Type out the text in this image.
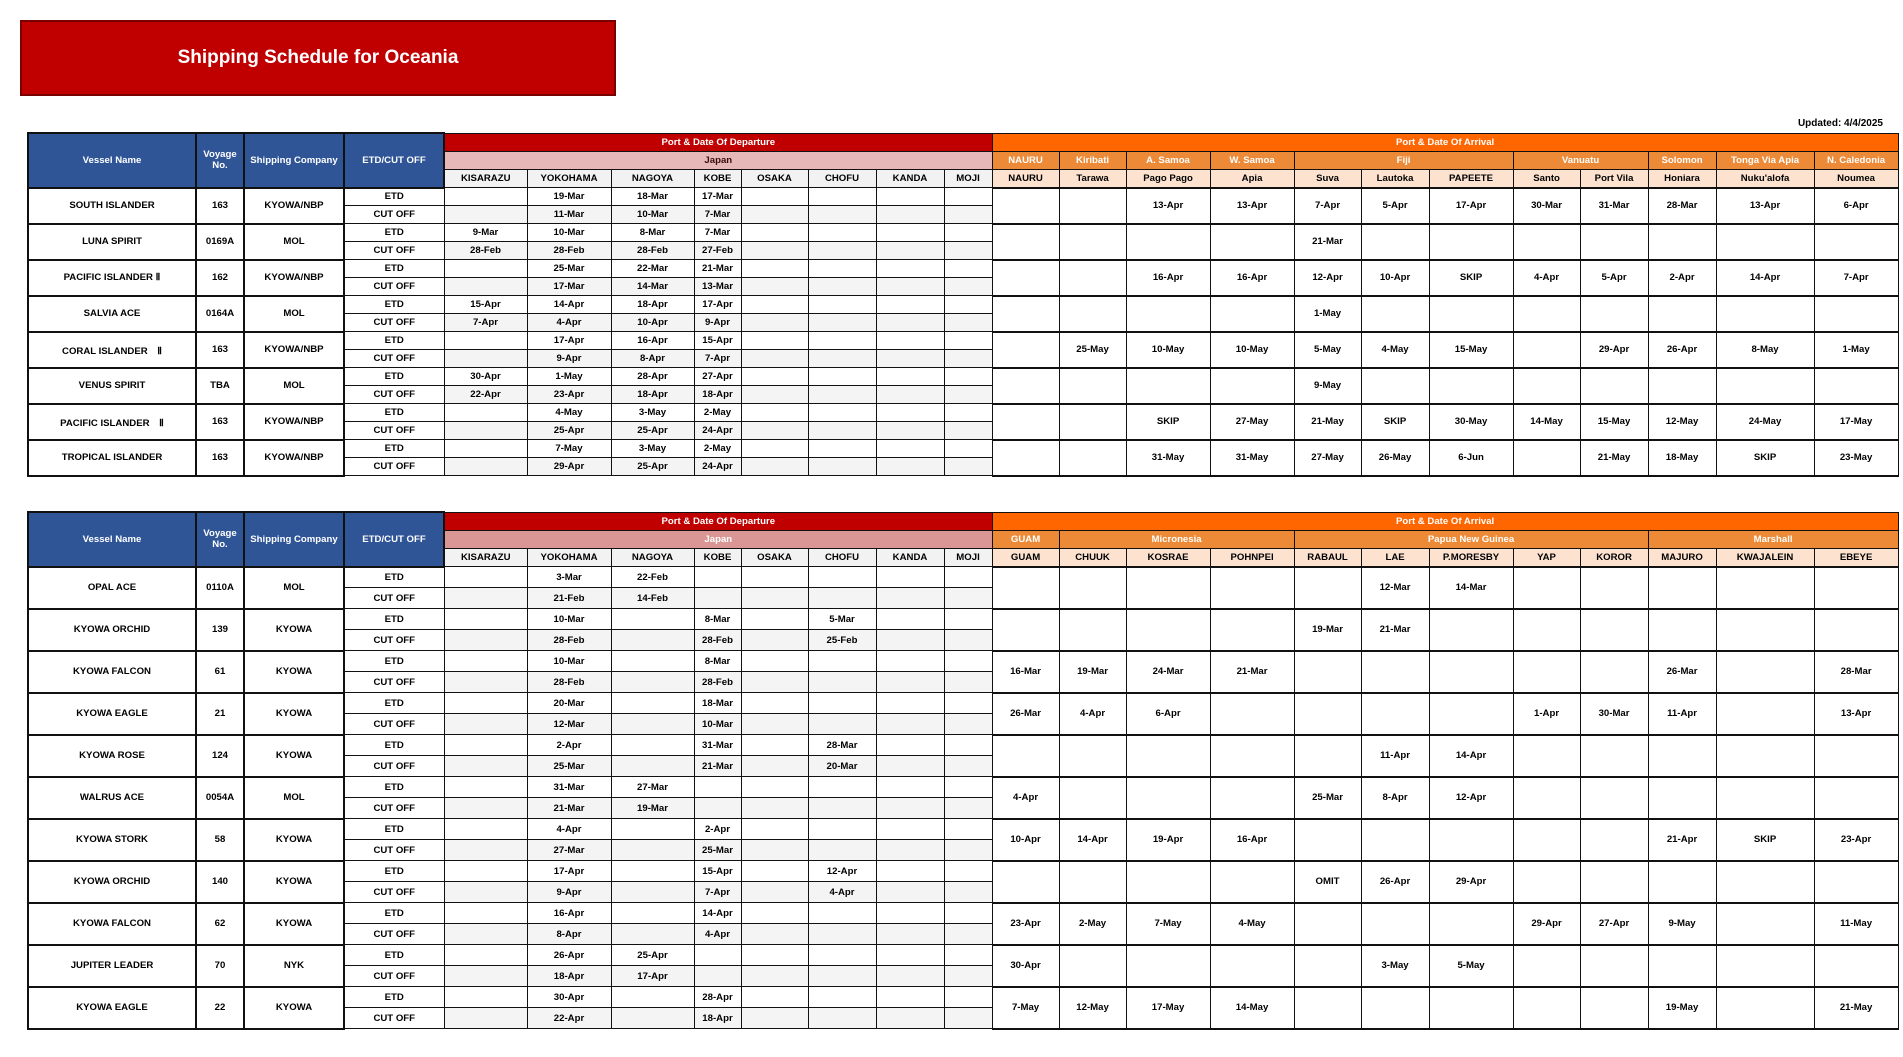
Shipping Schedule for Oceania
Updated: 4/4/2025
Vessel Name	Voyage No.	Shipping Company	ETD/CUT OFF	Port & Date Of Departure								Port & Date Of Arrival											
				Japan								NAURU	Kiribati	A. Samoa	W. Samoa	Fiji			Vanuatu		Solomon	Tonga Via Apia	N. Caledonia
				KISARAZU	YOKOHAMA	NAGOYA	KOBE	OSAKA	CHOFU	KANDA	MOJI	NAURU	Tarawa	Pago Pago	Apia	Suva	Lautoka	PAPEETE	Santo	Port Vila	Honiara	Nuku'alofa	Noumea
SOUTH ISLANDER	163	KYOWA/NBP	ETD		19-Mar	18-Mar	17-Mar							13-Apr	13-Apr	7-Apr	5-Apr	17-Apr	30-Mar	31-Mar	28-Mar	13-Apr	6-Apr
			CUT OFF		11-Mar	10-Mar	7-Mar																
LUNA SPIRIT	0169A	MOL	ETD	9-Mar	10-Mar	8-Mar	7-Mar									21-Mar							
			CUT OFF	28-Feb	28-Feb	28-Feb	27-Feb																
PACIFIC ISLANDER Ⅱ	162	KYOWA/NBP	ETD		25-Mar	22-Mar	21-Mar							16-Apr	16-Apr	12-Apr	10-Apr	SKIP	4-Apr	5-Apr	2-Apr	14-Apr	7-Apr
			CUT OFF		17-Mar	14-Mar	13-Mar																
SALVIA ACE	0164A	MOL	ETD	15-Apr	14-Apr	18-Apr	17-Apr									1-May							
			CUT OFF	7-Apr	4-Apr	10-Apr	9-Apr																
CORAL ISLANDER　Ⅱ	163	KYOWA/NBP	ETD		17-Apr	16-Apr	15-Apr						25-May	10-May	10-May	5-May	4-May	15-May		29-Apr	26-Apr	8-May	1-May
			CUT OFF		9-Apr	8-Apr	7-Apr																
VENUS SPIRIT	TBA	MOL	ETD	30-Apr	1-May	28-Apr	27-Apr									9-May							
			CUT OFF	22-Apr	23-Apr	18-Apr	18-Apr																
PACIFIC ISLANDER　Ⅱ	163	KYOWA/NBP	ETD		4-May	3-May	2-May							SKIP	27-May	21-May	SKIP	30-May	14-May	15-May	12-May	24-May	17-May
			CUT OFF		25-Apr	25-Apr	24-Apr																
TROPICAL ISLANDER	163	KYOWA/NBP	ETD		7-May	3-May	2-May							31-May	31-May	27-May	26-May	6-Jun		21-May	18-May	SKIP	23-May
			CUT OFF		29-Apr	25-Apr	24-Apr																
Vessel Name	Voyage No.	Shipping Company	ETD/CUT OFF	Port & Date Of Departure								Port & Date Of Arrival											
				Japan								GUAM	Micronesia			Papua New Guinea					Marshall		
				KISARAZU	YOKOHAMA	NAGOYA	KOBE	OSAKA	CHOFU	KANDA	MOJI	GUAM	CHUUK	KOSRAE	POHNPEI	RABAUL	LAE	P.MORESBY	YAP	KOROR	MAJURO	KWAJALEIN	EBEYE
OPAL ACE	0110A	MOL	ETD		3-Mar	22-Feb											12-Mar	14-Mar					
			CUT OFF		21-Feb	14-Feb																	
KYOWA ORCHID	139	KYOWA	ETD		10-Mar		8-Mar		5-Mar							19-Mar	21-Mar						
			CUT OFF		28-Feb		28-Feb		25-Feb														
KYOWA FALCON	61	KYOWA	ETD		10-Mar		8-Mar					16-Mar	19-Mar	24-Mar	21-Mar						26-Mar		28-Mar
			CUT OFF		28-Feb		28-Feb																
KYOWA EAGLE	21	KYOWA	ETD		20-Mar		18-Mar					26-Mar	4-Apr	6-Apr					1-Apr	30-Mar	11-Apr		13-Apr
			CUT OFF		12-Mar		10-Mar																
KYOWA ROSE	124	KYOWA	ETD		2-Apr		31-Mar		28-Mar								11-Apr	14-Apr					
			CUT OFF		25-Mar		21-Mar		20-Mar														
WALRUS ACE	0054A	MOL	ETD		31-Mar	27-Mar						4-Apr				25-Mar	8-Apr	12-Apr					
			CUT OFF		21-Mar	19-Mar																	
KYOWA STORK	58	KYOWA	ETD		4-Apr		2-Apr					10-Apr	14-Apr	19-Apr	16-Apr						21-Apr	SKIP	23-Apr
			CUT OFF		27-Mar		25-Mar																
KYOWA ORCHID	140	KYOWA	ETD		17-Apr		15-Apr		12-Apr							OMIT	26-Apr	29-Apr					
			CUT OFF		9-Apr		7-Apr		4-Apr														
KYOWA FALCON	62	KYOWA	ETD		16-Apr		14-Apr					23-Apr	2-May	7-May	4-May				29-Apr	27-Apr	9-May		11-May
			CUT OFF		8-Apr		4-Apr																
JUPITER LEADER	70	NYK	ETD		26-Apr	25-Apr						30-Apr					3-May	5-May					
			CUT OFF		18-Apr	17-Apr																	
KYOWA EAGLE	22	KYOWA	ETD		30-Apr		28-Apr					7-May	12-May	17-May	14-May						19-May		21-May
			CUT OFF		22-Apr		18-Apr																
